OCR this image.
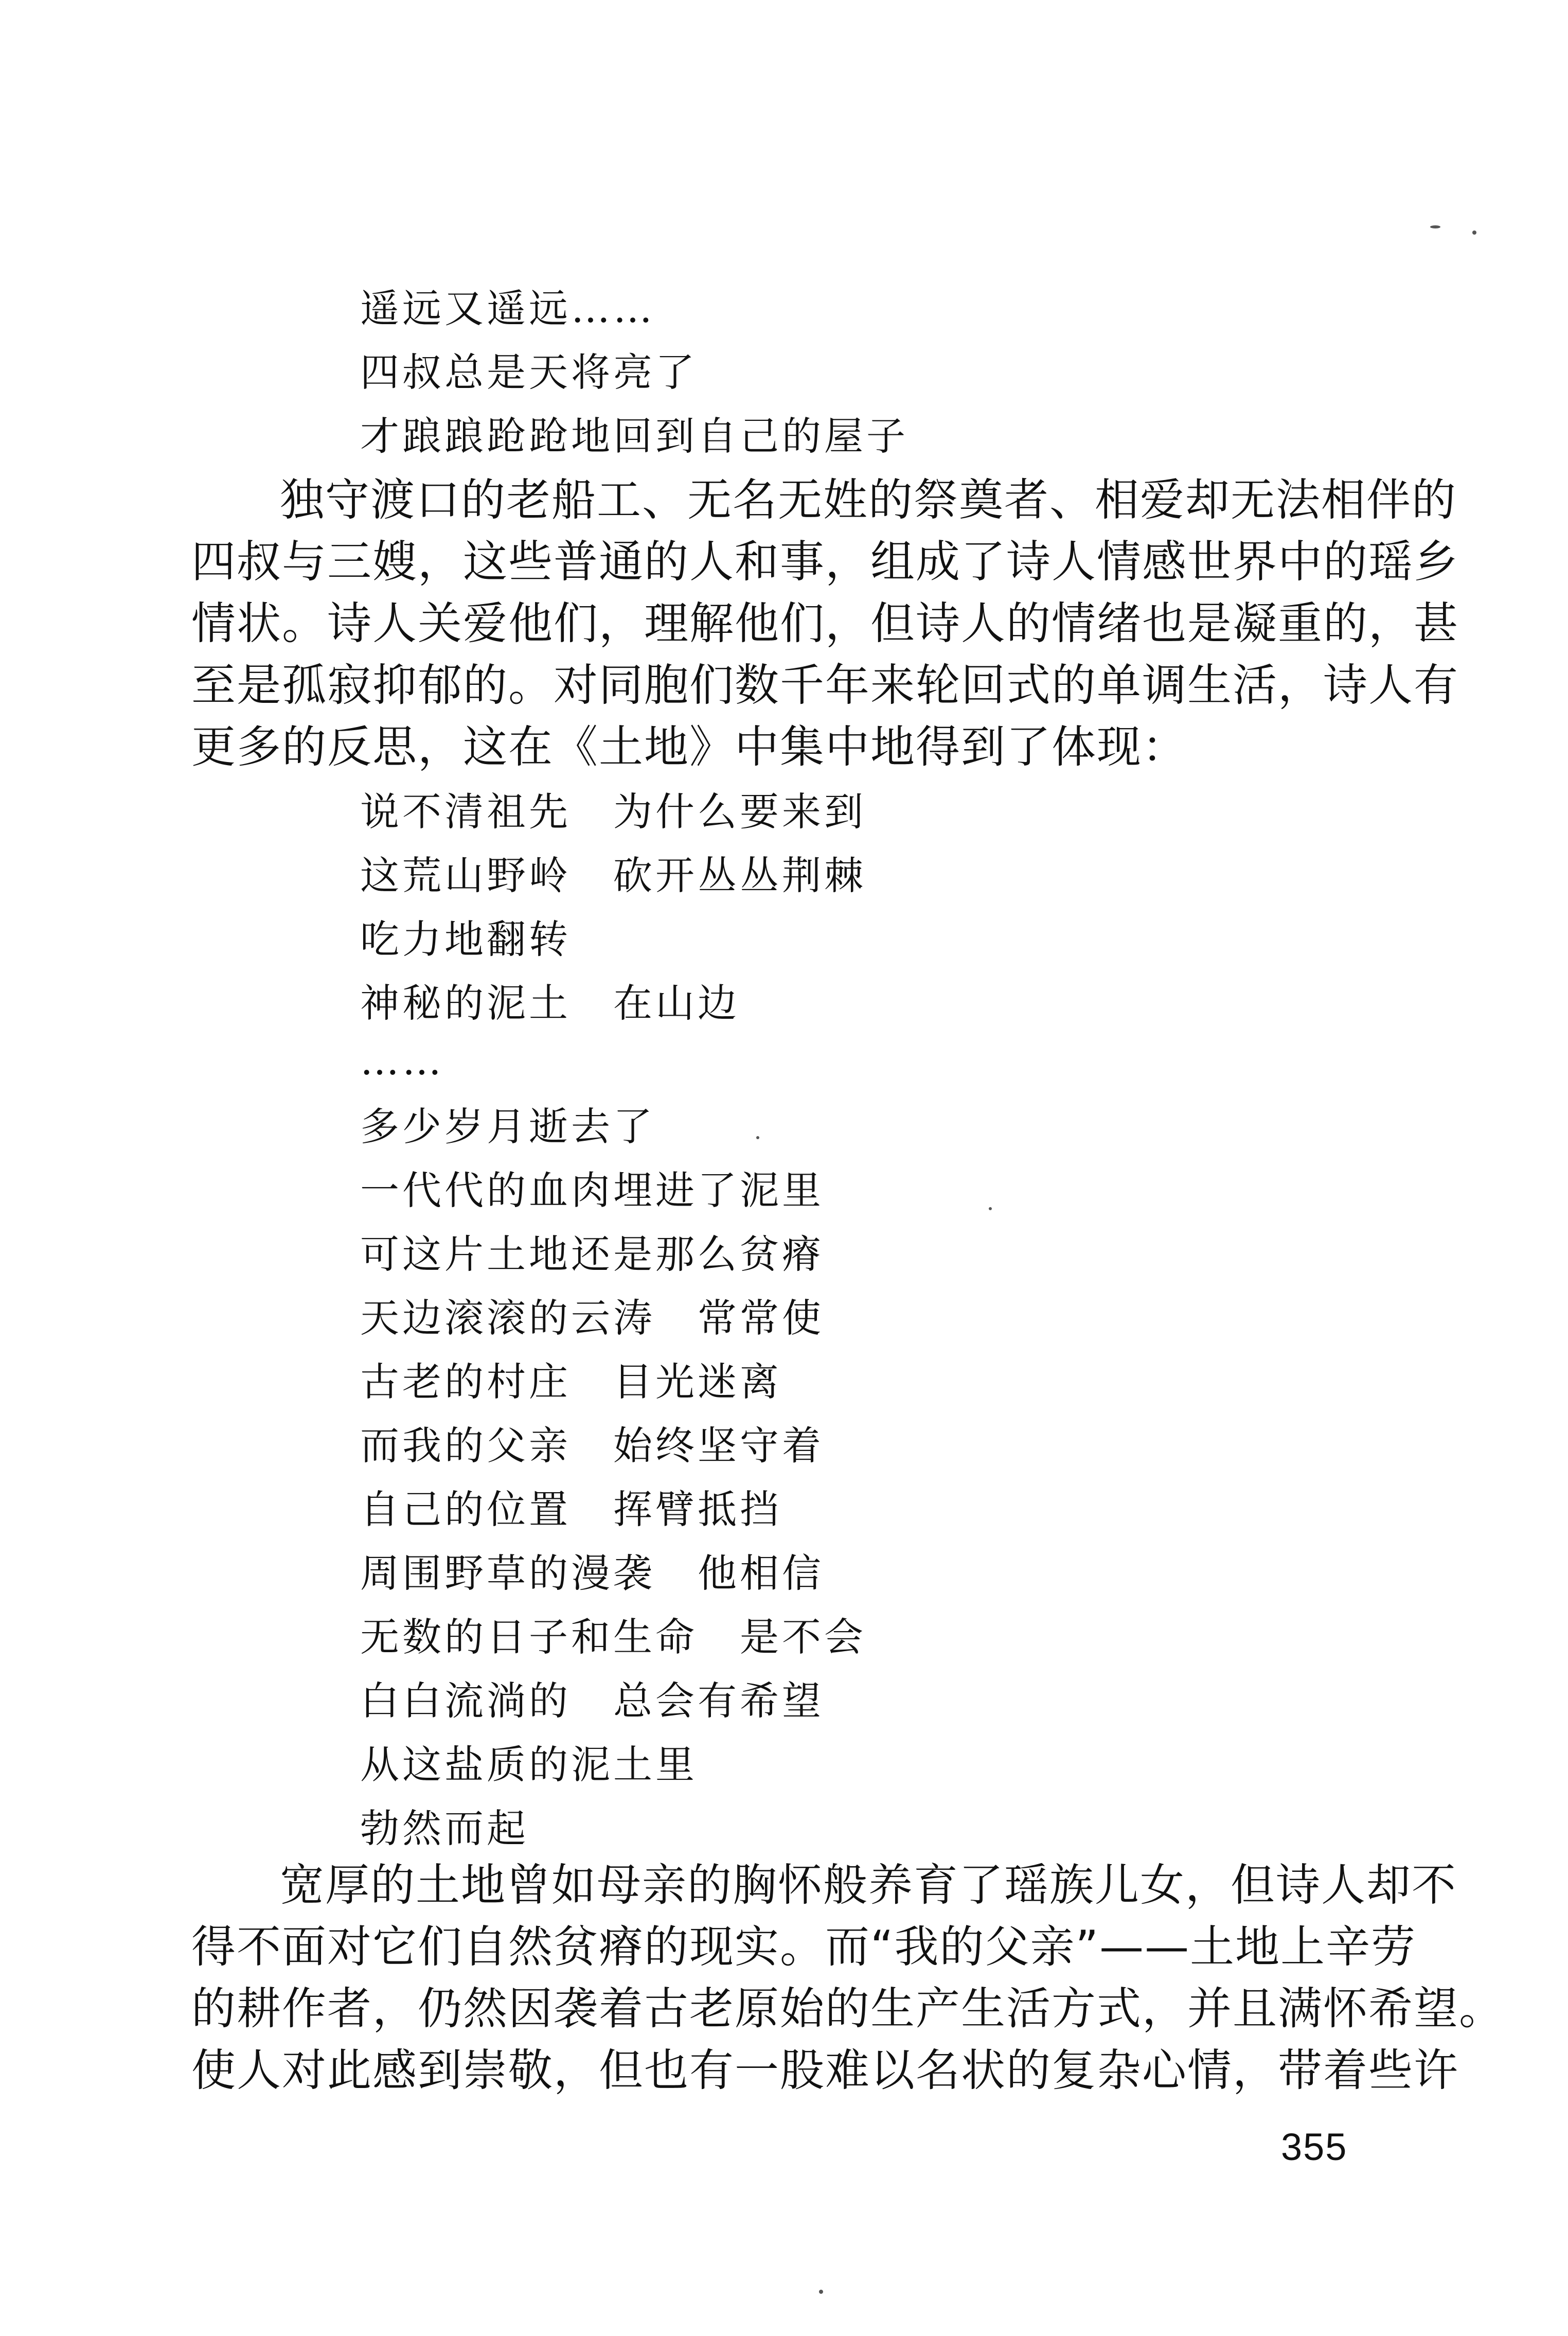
遥远又遥远……
四叔总是天将亮了
才踉踉跄跄地回到自己的屋子
独守渡口的老船工、无名无姓的祭奠者、相爱却无法相伴的
四叔与三嫂，这些普通的人和事，组成了诗人情感世界中的瑶乡
情状。诗人关爱他们，理解他们，但诗人的情绪也是凝重的，甚
至是孤寂抑郁的。对同胞们数千年来轮回式的单调生活，诗人有
更多的反思，这在《土地》中集中地得到了体现：
说不清祖先　为什么要来到
这荒山野岭　砍开丛丛荆棘
吃力地翻转
神秘的泥土　在山边
……
多少岁月逝去了
一代代的血肉埋进了泥里
可这片土地还是那么贫瘠
天边滚滚的云涛　常常使
古老的村庄　目光迷离
而我的父亲　始终坚守着
自己的位置　挥臂抵挡
周围野草的漫袭　他相信
无数的日子和生命　是不会
白白流淌的　总会有希望
从这盐质的泥土里
勃然而起
宽厚的土地曾如母亲的胸怀般养育了瑶族儿女，但诗人却不
得不面对它们自然贫瘠的现实。而“我的父亲”——土地上辛劳
的耕作者，仍然因袭着古老原始的生产生活方式，并且满怀希望。
使人对此感到崇敬，但也有一股难以名状的复杂心情，带着些许
355
